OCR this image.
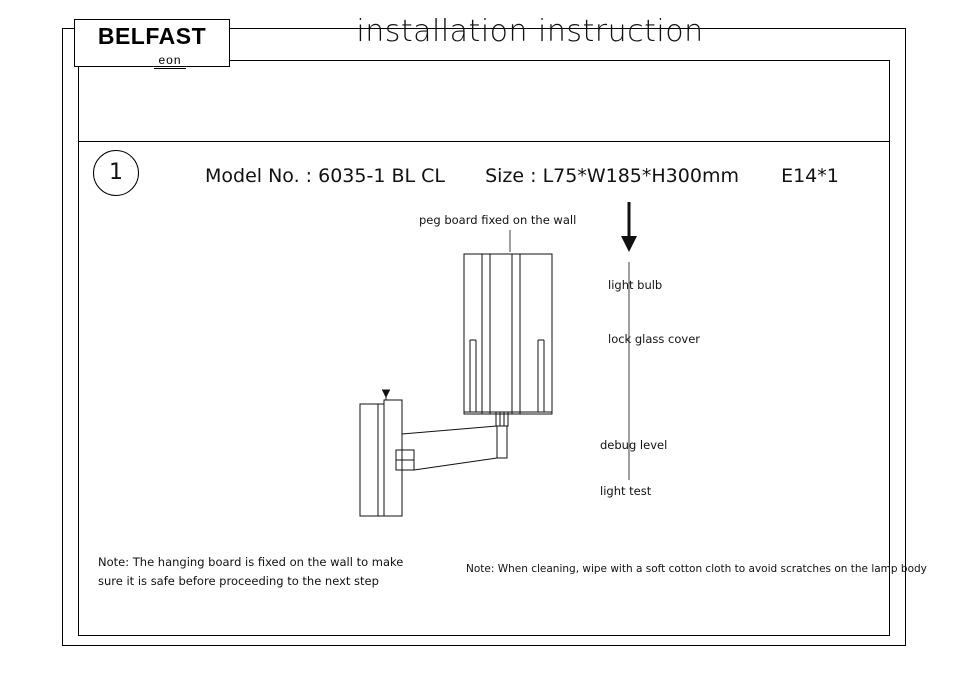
BELFAST
eon
installation instruction
1	Model No. : 6035-1 BL CL Size : L75*W185*H300mm E14*1
peg board fixed on the wall
light bulb
lock glass cover
debug level
light test
Note: The hanging board is fixed on the wall to make
sure it is safe before proceeding to the next step
Note: When cleaning, wipe with a soft cotton cloth to avoid scratches on the lamp body
